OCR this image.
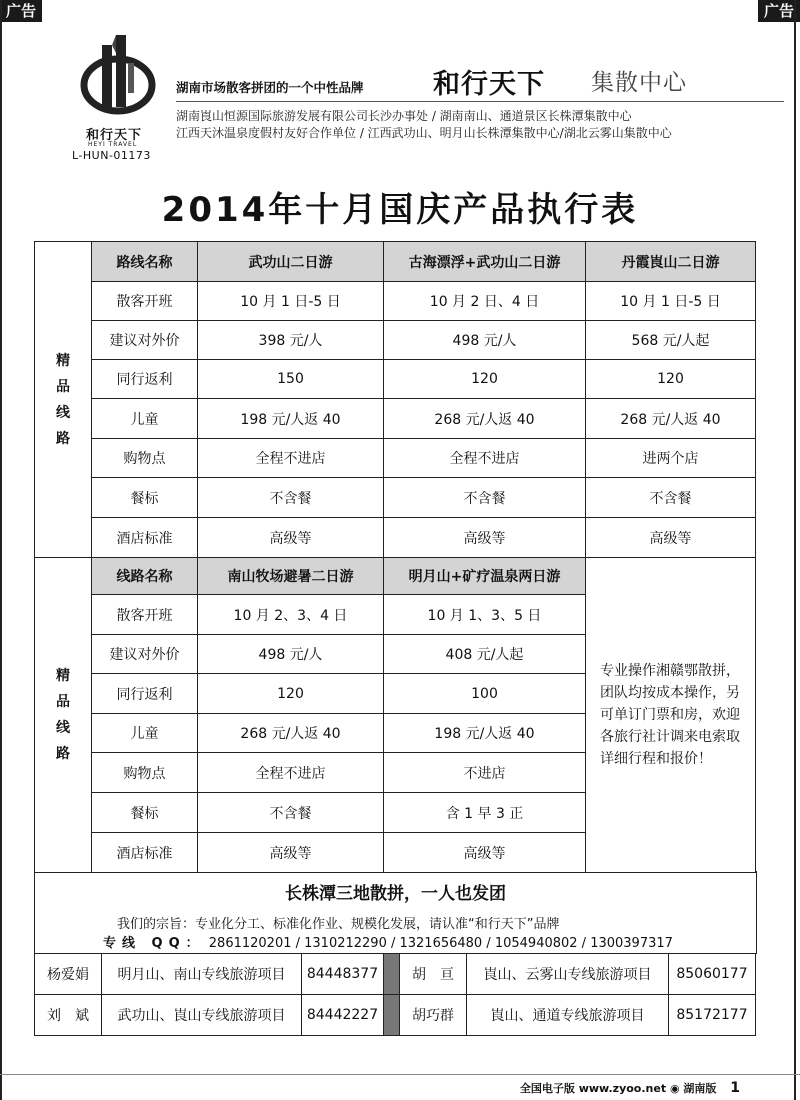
广告	广告
和行天下
HEYI TRAVEL
L-HUN-01173
湖南市场散客拼团的一个中性品牌	和行天下 集散中心
湖南崀山恒源国际旅游发展有限公司长沙办事处 / 湖南南山、通道景区长株潭集散中心
江西天沐温泉度假村友好合作单位 / 江西武功山、明月山长株潭集散中心/湖北云雾山集散中心
2014年十月国庆产品执行表
精
品
线
路	路线名称	武功山二日游	古海漂浮+武功山二日游	丹霞崀山二日游
	散客开班	10 月 1 日-5 日	10 月 2 日、4 日	10 月 1 日-5 日
	建议对外价	398 元/人	498 元/人	568 元/人起
	同行返利	150	120	120
	儿童	198 元/人返 40	268 元/人返 40	268 元/人返 40
	购物点	全程不进店	全程不进店	进两个店
	餐标	不含餐	不含餐	不含餐
	酒店标准	高级等	高级等	高级等

精
品
线
路	线路名称	南山牧场避暑二日游	明月山+矿疗温泉两日游	专业操作湘赣鄂散拼，团队均按成本操作，另可单订门票和房，欢迎各旅行社计调来电索取详细行程和报价！
	散客开班	10 月 2、3、4 日	10 月 1、3、5 日	
	建议对外价	498 元/人	408 元/人起	
	同行返利	120	100	
	儿童	268 元/人返 40	198 元/人返 40	
	购物点	全程不进店	不进店	
	餐标	不含餐	含 1 早 3 正	
	酒店标准	高级等	高级等	
长株潭三地散拼，一人也发团
我们的宗旨：专业化分工、标准化作业、规模化发展，请认准“和行天下”品牌
专线 QQ： 2861120201 / 1310212290 / 1321656480 / 1054940802 / 1300397317
杨爱娟	明月山、南山专线旅游项目	84448377		胡　亘	崀山、云雾山专线旅游项目	85060177
刘　斌	武功山、崀山专线旅游项目	84442227		胡巧群	崀山、通道专线旅游项目	85172177
全国电子版 www.zyoo.net ◉ 湖南版 1
